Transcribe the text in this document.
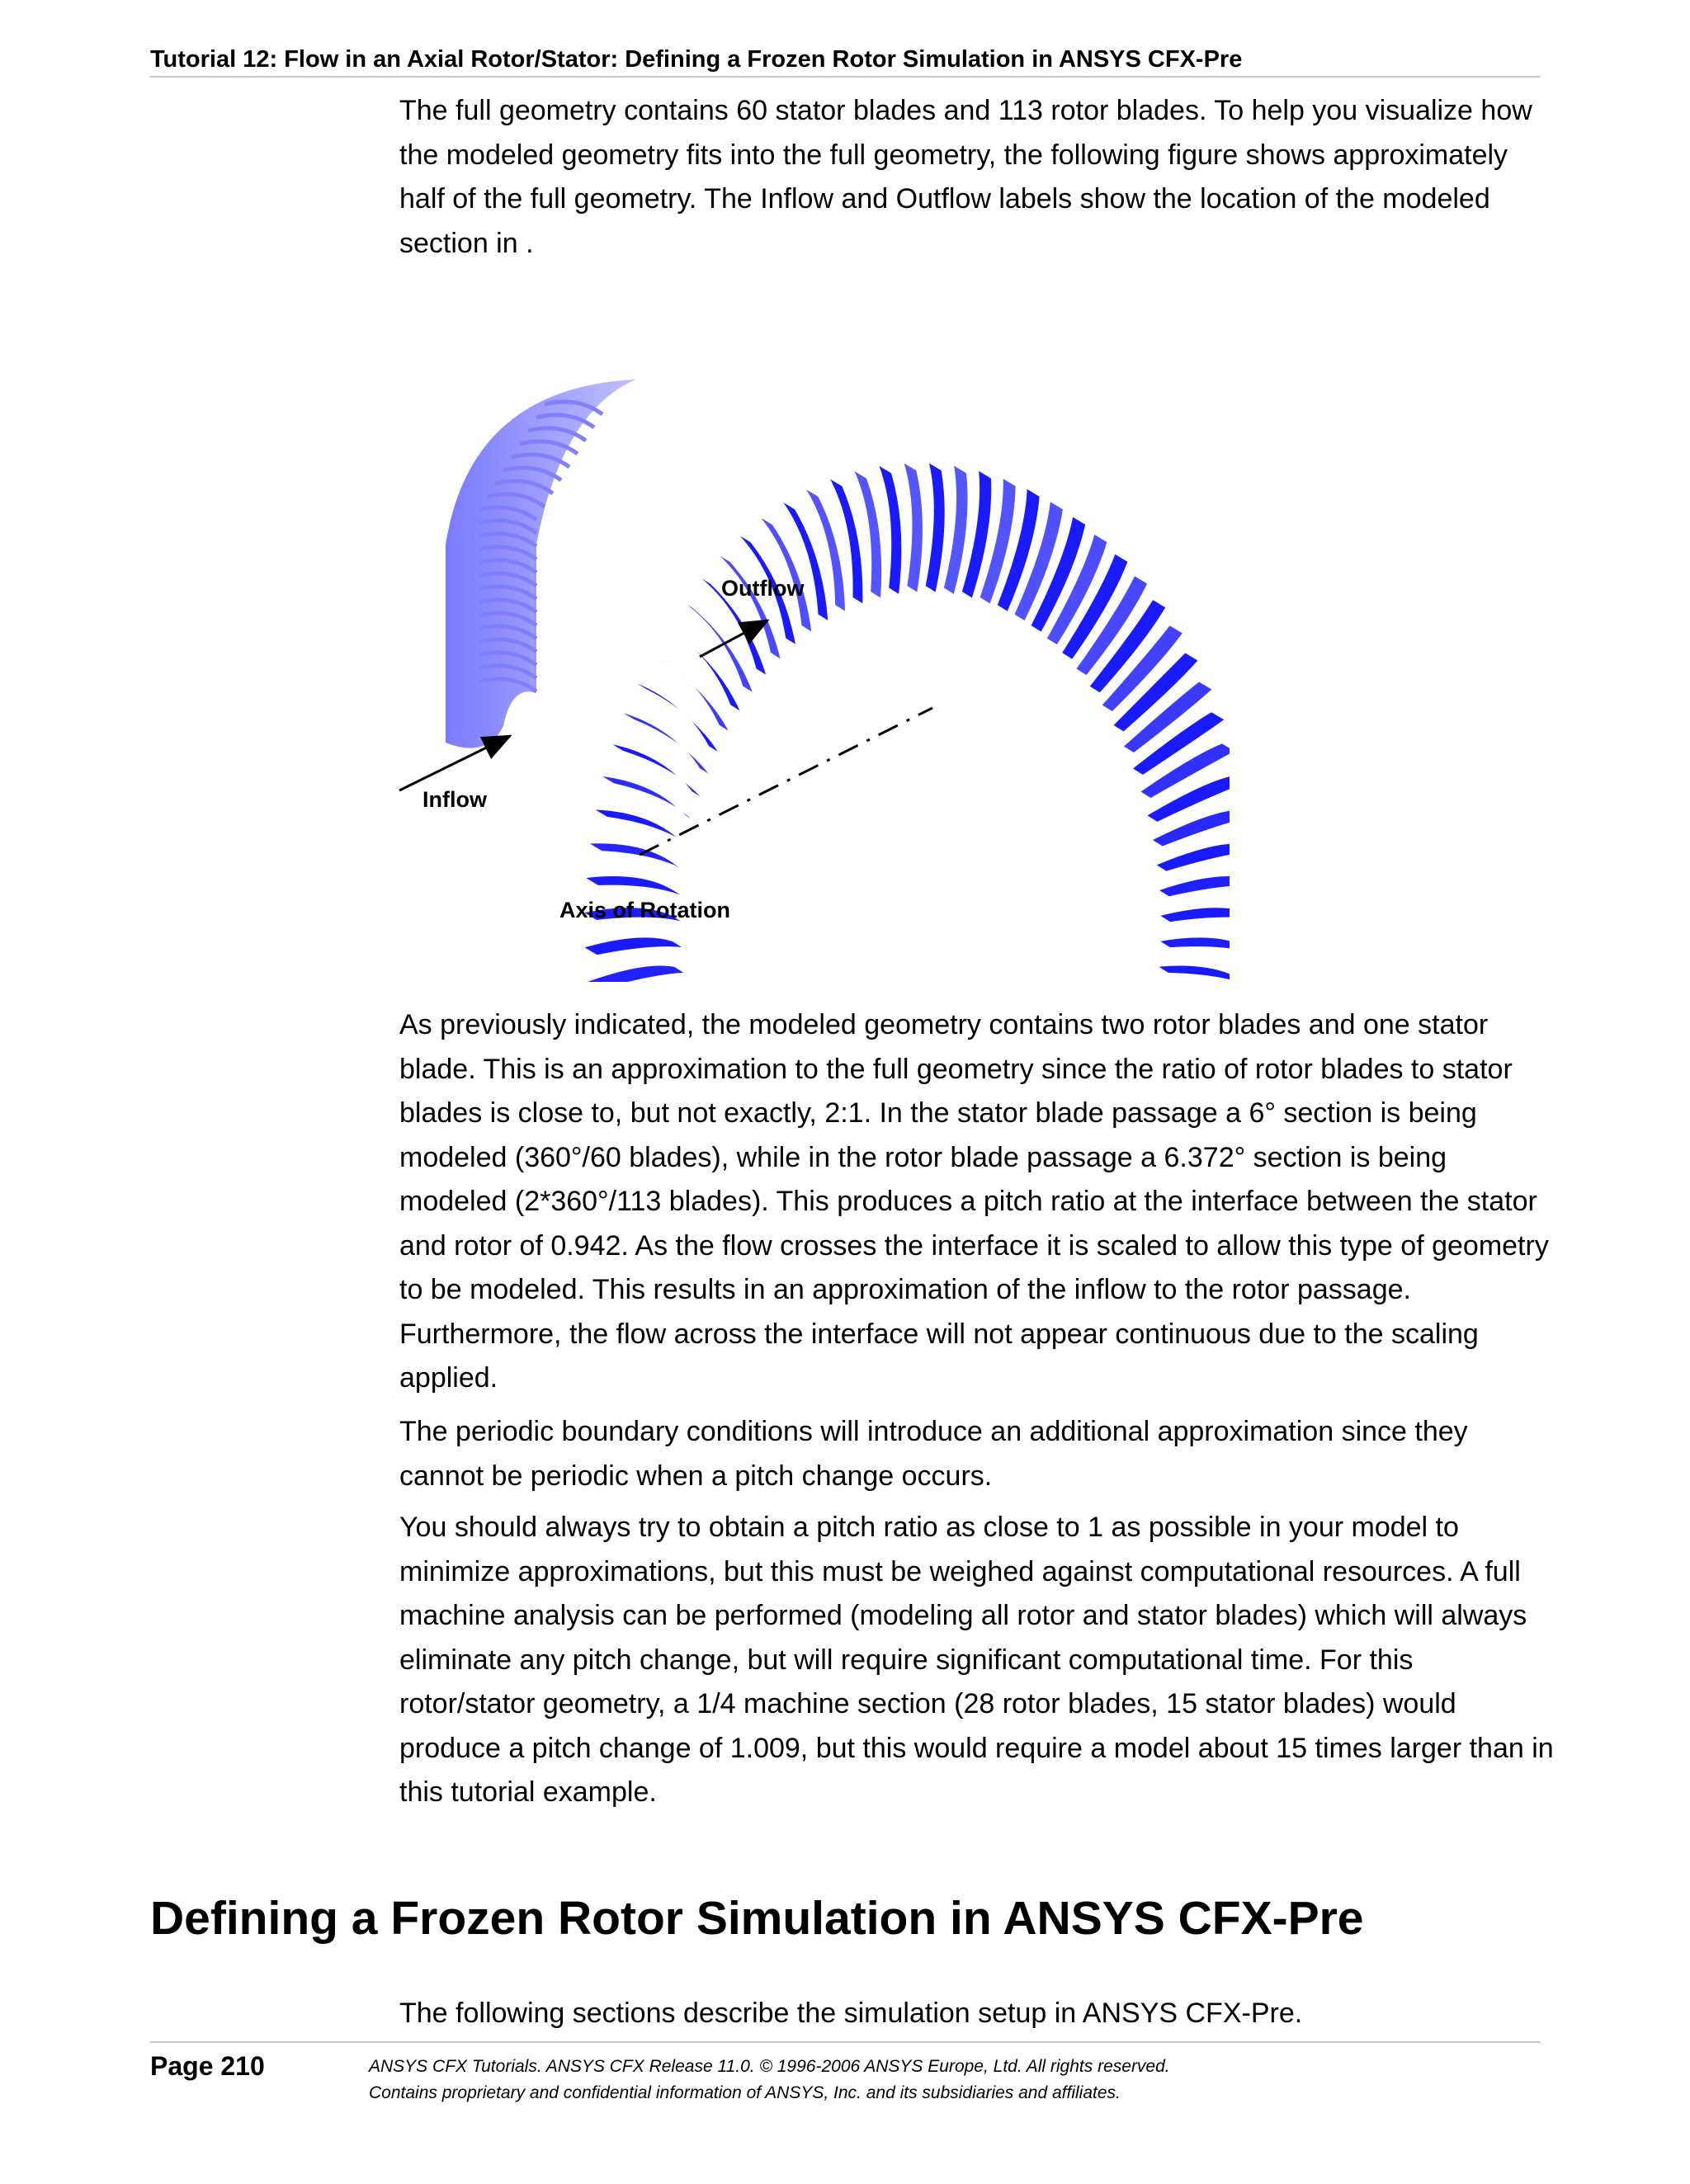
Tutorial 12: Flow in an Axial Rotor/Stator: Defining a Frozen Rotor Simulation in ANSYS CFX-Pre

The full geometry contains 60 stator blades and 113 rotor blades. To help you visualize how the modeled geometry fits into the full geometry, the following figure shows approximately half of the full geometry. The Inflow and Outflow labels show the location of the modeled section in .

Outflow
Inflow
Axis of Rotation

As previously indicated, the modeled geometry contains two rotor blades and one stator blade. This is an approximation to the full geometry since the ratio of rotor blades to stator blades is close to, but not exactly, 2:1. In the stator blade passage a 6° section is being modeled (360°/60 blades), while in the rotor blade passage a 6.372° section is being modeled (2*360°/113 blades). This produces a pitch ratio at the interface between the stator and rotor of 0.942. As the flow crosses the interface it is scaled to allow this type of geometry to be modeled. This results in an approximation of the inflow to the rotor passage. Furthermore, the flow across the interface will not appear continuous due to the scaling applied.

The periodic boundary conditions will introduce an additional approximation since they cannot be periodic when a pitch change occurs.

You should always try to obtain a pitch ratio as close to 1 as possible in your model to minimize approximations, but this must be weighed against computational resources. A full machine analysis can be performed (modeling all rotor and stator blades) which will always eliminate any pitch change, but will require significant computational time. For this rotor/stator geometry, a 1/4 machine section (28 rotor blades, 15 stator blades) would produce a pitch change of 1.009, but this would require a model about 15 times larger than in this tutorial example.

Defining a Frozen Rotor Simulation in ANSYS CFX-Pre

The following sections describe the simulation setup in ANSYS CFX-Pre.

Page 210	ANSYS CFX Tutorials. ANSYS CFX Release 11.0. © 1996-2006 ANSYS Europe, Ltd. All rights reserved.
Contains proprietary and confidential information of ANSYS, Inc. and its subsidiaries and affiliates.
